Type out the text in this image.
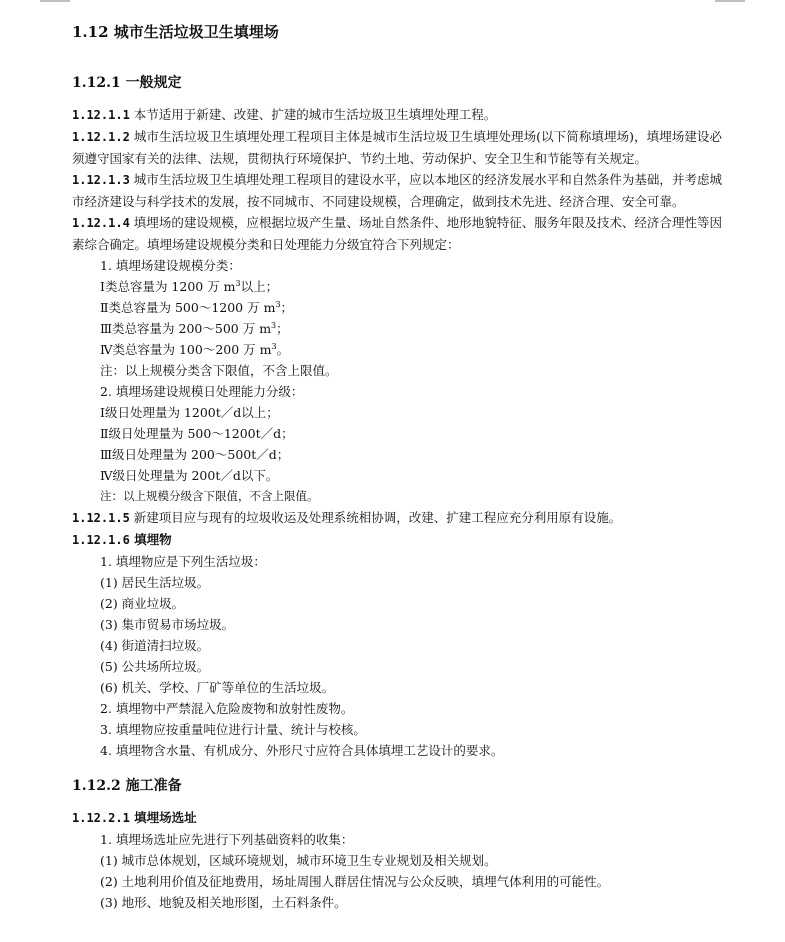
1.12 城市生活垃圾卫生填埋场
1.12.1 一般规定

1.12.1.1 本节适用于新建、改建、扩建的城市生活垃圾卫生填埋处理工程。

1.12.1.2 城市生活垃圾卫生填埋处理工程项目主体是城市生活垃圾卫生填埋处理场(以下简称填埋场)，填埋场建设必须遵守国家有关的法律、法规，贯彻执行环境保护、节约土地、劳动保护、安全卫生和节能等有关规定。

1.12.1.3 城市生活垃圾卫生填埋处理工程项目的建设水平，应以本地区的经济发展水平和自然条件为基础，并考虑城市经济建设与科学技术的发展，按不同城市、不同建设规模，合理确定，做到技术先进、经济合理、安全可靠。

1.12.1.4 填埋场的建设规模，应根据垃圾产生量、场址自然条件、地形地貌特征、服务年限及技术、经济合理性等因素综合确定。填埋场建设规模分类和日处理能力分级宜符合下列规定：

1. 填埋场建设规模分类：

Ⅰ类总容量为 1200 万 $m^3$以上；

Ⅱ类总容量为 500～1200 万 $m^3$；

Ⅲ类总容量为 200～500 万 $m^3$；

Ⅳ类总容量为 100～200 万 $m^3$。

注：以上规模分类含下限值，不含上限值。

2. 填埋场建设规模日处理能力分级：

Ⅰ级日处理量为 1200t／d以上；

Ⅱ级日处理量为 500～1200t／d；

Ⅲ级日处理量为 200～500t／d；

Ⅳ级日处理量为 200t／d以下。

注：以上规模分级含下限值，不含上限值。

1.12.1.5 新建项目应与现有的垃圾收运及处理系统相协调，改建、扩建工程应充分利用原有设施。

1.12.1.6 填埋物

1. 填埋物应是下列生活垃圾：

(1) 居民生活垃圾。

(2) 商业垃圾。

(3) 集市贸易市场垃圾。

(4) 街道清扫垃圾。

(5) 公共场所垃圾。

(6) 机关、学校、厂矿等单位的生活垃圾。

2. 填埋物中严禁混入危险废物和放射性废物。

3. 填埋物应按重量吨位进行计量、统计与校核。

4. 填埋物含水量、有机成分、外形尺寸应符合具体填埋工艺设计的要求。

1.12.2 施工准备

1.12.2.1 填埋场选址

1. 填埋场选址应先进行下列基础资料的收集：

(1) 城市总体规划，区域环境规划，城市环境卫生专业规划及相关规划。

(2) 土地利用价值及征地费用，场址周围人群居住情况与公众反映，填埋气体利用的可能性。

(3) 地形、地貌及相关地形图，土石料条件。
